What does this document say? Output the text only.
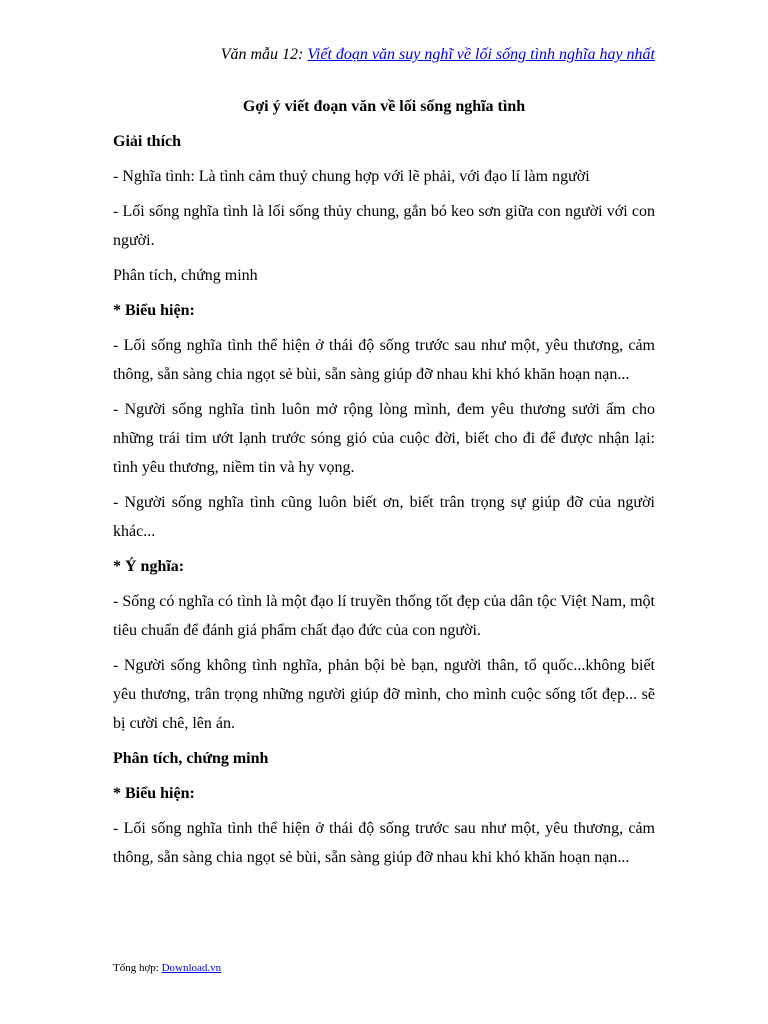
Văn mẫu 12: Viết đoạn văn suy nghĩ về lối sống tình nghĩa hay nhất
Gợi ý viết đoạn văn về lối sống nghĩa tình

Giải thích

- Nghĩa tình: Là tình cảm thuỷ chung hợp với lẽ phải, với đạo lí làm người

- Lối sống nghĩa tình là lối sống thủy chung, gắn bó keo sơn giữa con người với con người.

Phân tích, chứng minh

* Biểu hiện:

- Lối sống nghĩa tình thể hiện ở thái độ sống trước sau như một, yêu thương, cảm thông, sẵn sàng chia ngọt sẻ bùi, sẵn sàng giúp đỡ nhau khi khó khăn hoạn nạn...

- Người sống nghĩa tình luôn mở rộng lòng mình, đem yêu thương sưởi ấm cho những trái tim ướt lạnh trước sóng gió của cuộc đời, biết cho đi để được nhận lại: tình yêu thương, niềm tin và hy vọng.

- Người sống nghĩa tình cũng luôn biết ơn, biết trân trọng sự giúp đỡ của người khác...

* Ý nghĩa:

- Sống có nghĩa có tình là một đạo lí truyền thống tốt đẹp của dân tộc Việt Nam, một tiêu chuẩn để đánh giá phẩm chất đạo đức của con người.

- Người sống không tình nghĩa, phản bội bè bạn, người thân, tổ quốc...không biết yêu thương, trân trọng những người giúp đỡ mình, cho mình cuộc sống tốt đẹp... sẽ bị cười chê, lên án.

Phân tích, chứng minh

* Biểu hiện:

- Lối sống nghĩa tình thể hiện ở thái độ sống trước sau như một, yêu thương, cảm thông, sẵn sàng chia ngọt sẻ bùi, sẵn sàng giúp đỡ nhau khi khó khăn hoạn nạn...

Tổng hợp: Download.vn
